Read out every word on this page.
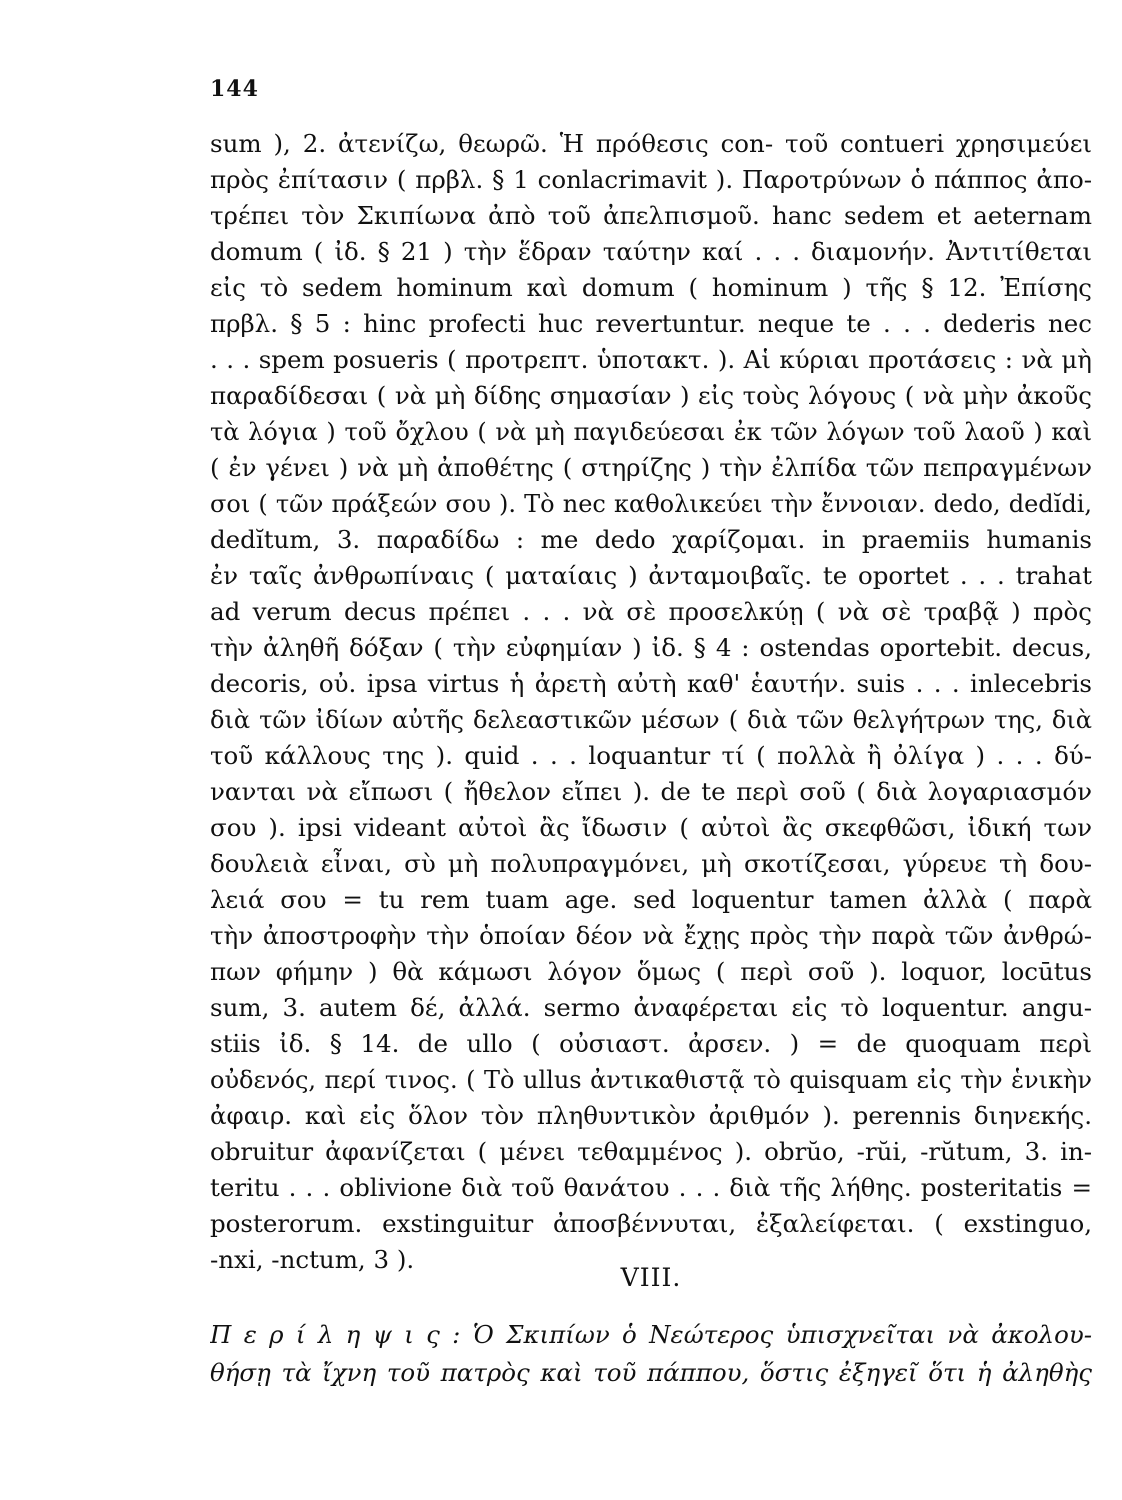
144
sum ), 2. ἀτενίζω, θεωρῶ. Ἡ πρόθεσις con- τοῦ contueri χρησιμεύει
πρὸς ἐπίτασιν ( πρβλ. § 1 conlacrimavit ). Παροτρύνων ὁ πάππος ἀπο-
τρέπει τὸν Σκιπίωνα ἀπὸ τοῦ ἀπελπισμοῦ. hanc sedem et aeternam
domum ( ἰδ. § 21 ) τὴν ἕδραν ταύτην καί . . . διαμονήν. Ἀντιτίθεται
εἰς τὸ sedem hominum καὶ domum ( hominum ) τῆς § 12. Ἐπίσης
πρβλ. § 5 : hinc profecti huc revertuntur. neque te . . . dederis nec
. . . spem posueris ( προτρεπτ. ὑποτακτ. ). Αἱ κύριαι προτάσεις : νὰ μὴ
παραδίδεσαι ( νὰ μὴ δίδης σημασίαν ) εἰς τοὺς λόγους ( νὰ μὴν ἀκοῦς
τὰ λόγια ) τοῦ ὄχλου ( νὰ μὴ παγιδεύεσαι ἐκ τῶν λόγων τοῦ λαοῦ ) καὶ
( ἐν γένει ) νὰ μὴ ἀποθέτης ( στηρίζης ) τὴν ἐλπίδα τῶν πεπραγμένων
σοι ( τῶν πράξεών σου ). Τὸ nec καθολικεύει τὴν ἔννοιαν. dedo, dedĭdi,
dedĭtum, 3. παραδίδω : me dedo χαρίζομαι. in praemiis humanis
ἐν ταῖς ἀνθρωπίναις ( ματαίαις ) ἀνταμοιβαῖς. te oportet . . . trahat
ad verum decus πρέπει . . . νὰ σὲ προσελκύῃ ( νὰ σὲ τραβᾷ ) πρὸς
τὴν ἀληθῆ δόξαν ( τὴν εὐφημίαν ) ἰδ. § 4 : ostendas oportebit. decus,
decoris, οὐ. ipsa virtus ἡ ἀρετὴ αὐτὴ καθ' ἑαυτήν. suis . . . inlecebris
διὰ τῶν ἰδίων αὐτῆς δελεαστικῶν μέσων ( διὰ τῶν θελγήτρων της, διὰ
τοῦ κάλλους της ). quid . . . loquantur τί ( πολλὰ ἢ ὀλίγα ) . . . δύ-
νανται νὰ εἴπωσι ( ἤθελον εἴπει ). de te περὶ σοῦ ( διὰ λογαριασμόν
σου ). ipsi videant αὐτοὶ ἂς ἴδωσιν ( αὐτοὶ ἂς σκεφθῶσι, ἰδική των
δουλειὰ εἶναι, σὺ μὴ πολυπραγμόνει, μὴ σκοτίζεσαι, γύρευε τὴ δου-
λειά σου = tu rem tuam age. sed loquentur tamen ἀλλὰ ( παρὰ
τὴν ἀποστροφὴν τὴν ὁποίαν δέον νὰ ἔχῃς πρὸς τὴν παρὰ τῶν ἀνθρώ-
πων φήμην ) θὰ κάμωσι λόγον ὅμως ( περὶ σοῦ ). loquor, locūtus
sum, 3. autem δέ, ἀλλά. sermo ἀναφέρεται εἰς τὸ loquentur. angu-
stiis ἰδ. § 14. de ullo ( οὐσιαστ. ἀρσεν. ) = de quoquam περὶ
οὐδενός, περί τινος. ( Τὸ ullus ἀντικαθιστᾷ τὸ quisquam εἰς τὴν ἑνικὴν
ἀφαιρ. καὶ εἰς ὅλον τὸν πληθυντικὸν ἀριθμόν ). perennis διηνεκής.
obruitur ἀφανίζεται ( μένει τεθαμμένος ). obrŭo, -rŭi, -rŭtum, 3. in-
teritu . . . oblivione διὰ τοῦ θανάτου . . . διὰ τῆς λήθης. posteritatis =
posterorum. exstinguitur ἀποσβέννυται, ἐξαλείφεται. ( exstinguo,
-nxi, -nctum, 3 ).
VIII.
Π ε ρ ί λ η ψ ι ς : Ὁ Σκιπίων ὁ Νεώτερος ὑπισχνεῖται νὰ ἀκολου-
θήσῃ τὰ ἴχνη τοῦ πατρὸς καὶ τοῦ πάππου, ὅστις ἐξηγεῖ ὅτι ἡ ἀληθὴς
